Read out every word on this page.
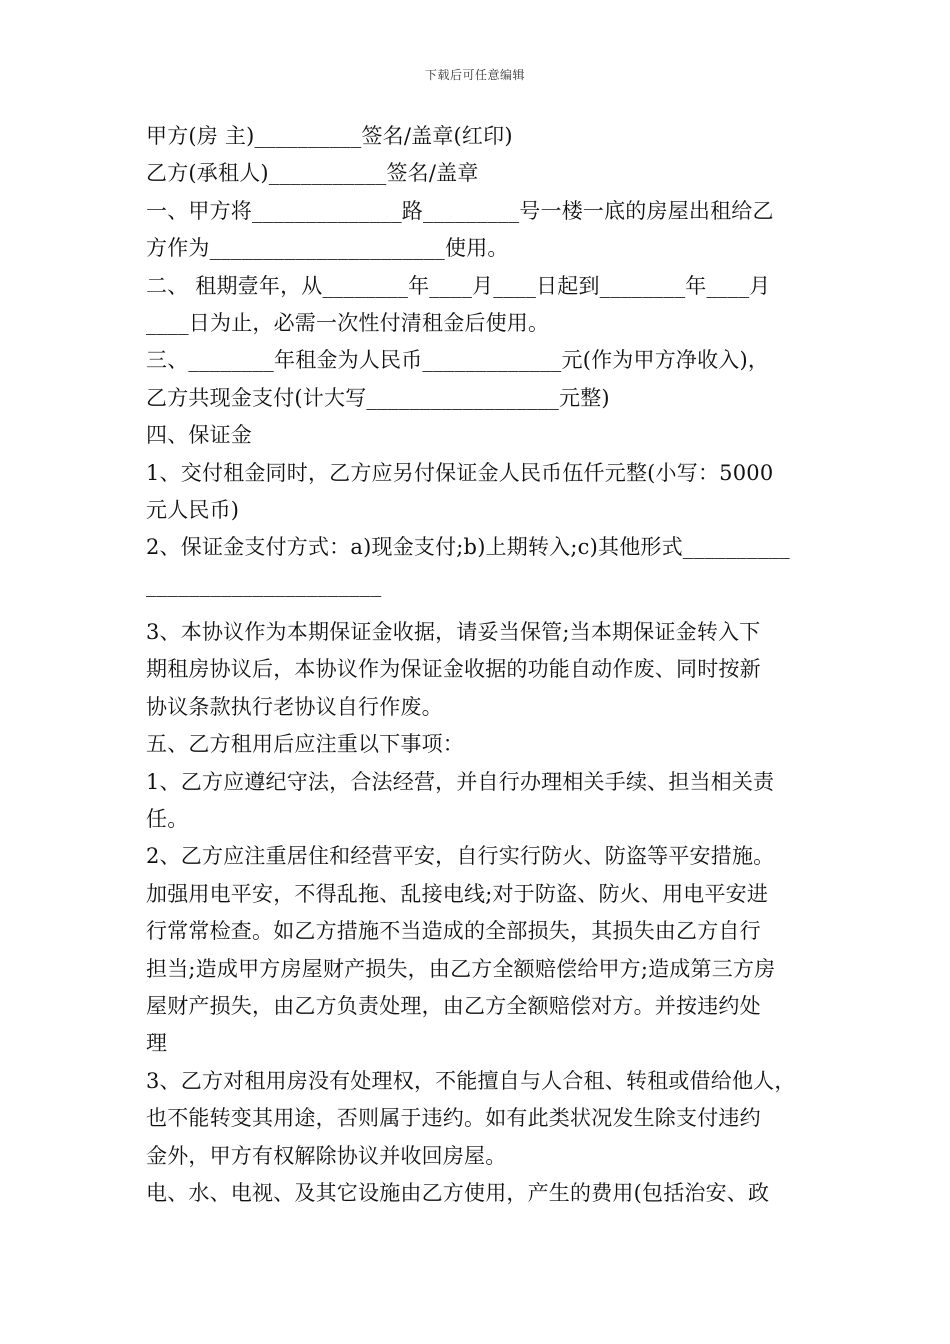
下载后可任意编辑
甲方(房 主)__________签名/盖章(红印)
乙方(承租人)___________签名/盖章
一、甲方将______________路_________号一楼一底的房屋出租给乙
方作为______________________使用。
二、 租期壹年，从________年____月____日起到________年____月
____日为止，必需一次性付清租金后使用。
三、________年租金为人民币_____________元(作为甲方净收入)，
乙方共现金支付(计大写__________________元整)
四、保证金
1、交付租金同时，乙方应另付保证金人民币伍仟元整(小写：5000
元人民币)
2、保证金支付方式：a)现金支付;b)上期转入;c)其他形式__________
______________________
3、本协议作为本期保证金收据，请妥当保管;当本期保证金转入下
期租房协议后，本协议作为保证金收据的功能自动作废、同时按新
协议条款执行老协议自行作废。
五、乙方租用后应注重以下事项：
1、乙方应遵纪守法，合法经营，并自行办理相关手续、担当相关责
任。
2、乙方应注重居住和经营平安，自行实行防火、防盗等平安措施。
加强用电平安，不得乱拖、乱接电线;对于防盗、防火、用电平安进
行常常检查。如乙方措施不当造成的全部损失，其损失由乙方自行
担当;造成甲方房屋财产损失，由乙方全额赔偿给甲方;造成第三方房
屋财产损失，由乙方负责处理，由乙方全额赔偿对方。并按违约处
理
3、乙方对租用房没有处理权，不能擅自与人合租、转租或借给他人，
也不能转变其用途，否则属于违约。如有此类状况发生除支付违约
金外，甲方有权解除协议并收回房屋。
电、水、电视、及其它设施由乙方使用，产生的费用(包括治安、政
